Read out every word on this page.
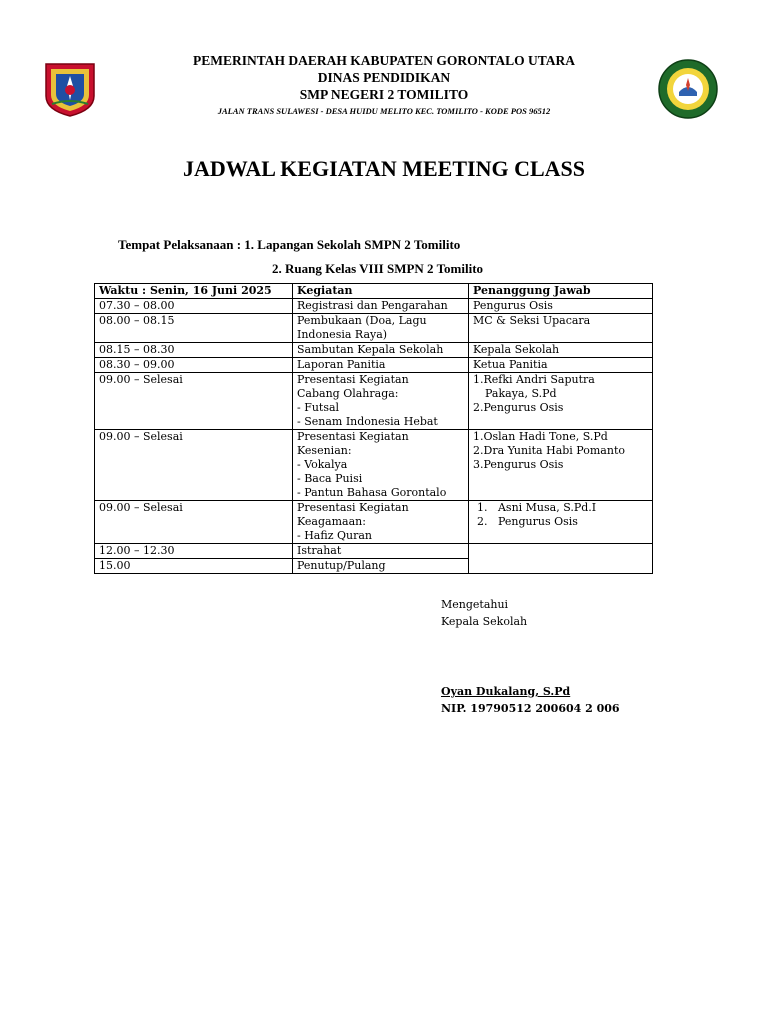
PEMERINTAH DAERAH KABUPATEN GORONTALO UTARA
DINAS PENDIDIKAN
SMP NEGERI 2 TOMILITO
JALAN TRANS SULAWESI - DESA HUIDU MELITO KEC. TOMILITO - KODE POS 96512
JADWAL KEGIATAN MEETING CLASS
Tempat Pelaksanaan : 1. Lapangan Sekolah SMPN 2 Tomilito
2. Ruang Kelas VIII SMPN 2 Tomilito
Waktu : Senin, 16 Juni 2025	Kegiatan	Penanggung Jawab
07.30 – 08.00	Registrasi dan Pengarahan	Pengurus Osis

08.00 – 08.15	Pembukaan (Doa, Lagu
Indonesia Raya)	MC & Seksi Upacara

08.15 – 08.30	Sambutan Kepala Sekolah	Kepala Sekolah

08.30 – 09.00	Laporan Panitia	Ketua Panitia

09.00 – Selesai	Presentasi Kegiatan
Cabang Olahraga:
- Futsal
- Senam Indonesia Hebat	1.Refki Andri Saputra
Pakaya, S.Pd
2.Pengurus Osis

09.00 – Selesai	Presentasi Kegiatan
Kesenian:
- Vokalya
- Baca Puisi
- Pantun Bahasa Gorontalo	1.Oslan Hadi Tone, S.Pd
2.Dra Yunita Habi Pomanto
3.Pengurus Osis

09.00 – Selesai	Presentasi Kegiatan
Keagamaan:
- Hafiz Quran	1.   Asni Musa, S.Pd.I
2.   Pengurus Osis

12.00 – 12.30	Istrahat	

15.00	Penutup/Pulang	
Mengetahui
Kepala Sekolah
Oyan Dukalang, S.Pd
NIP. 19790512 200604 2 006
